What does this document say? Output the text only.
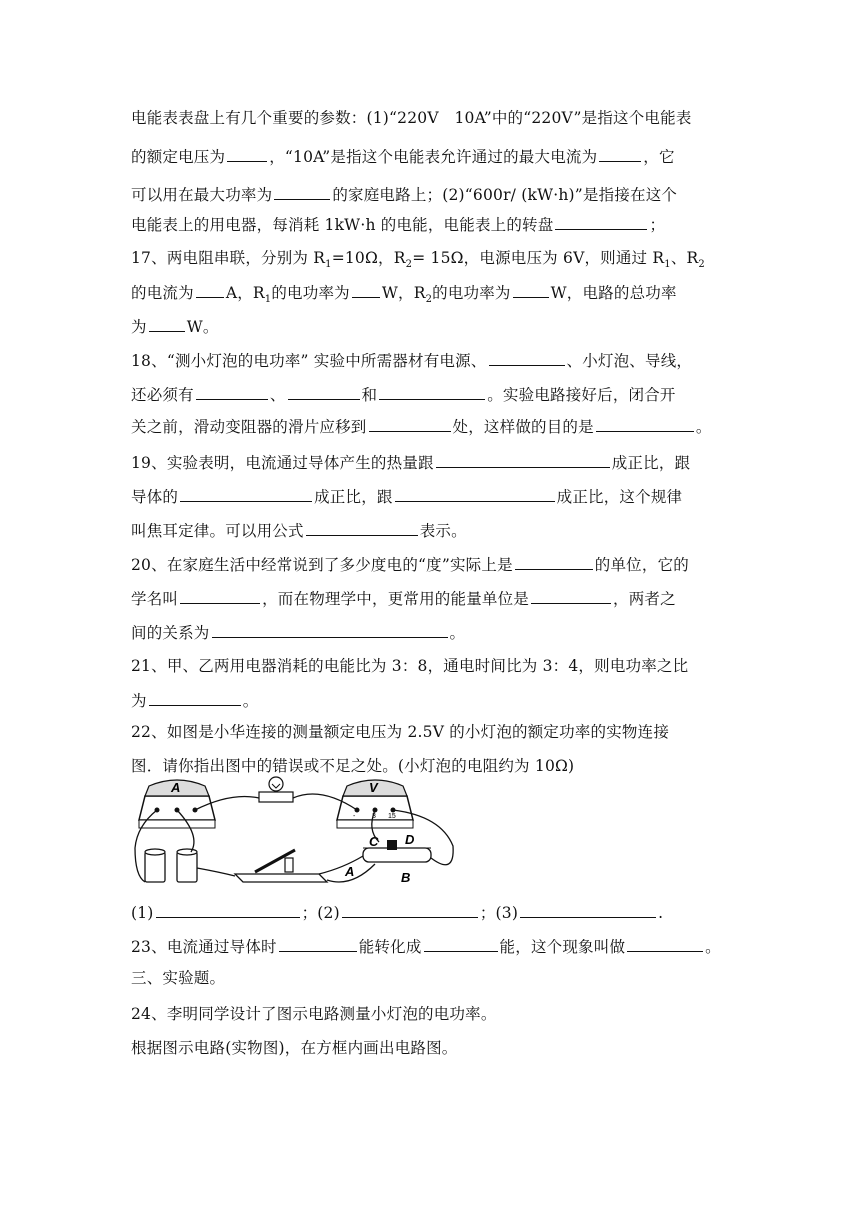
电能表表盘上有几个重要的参数：(1)“220V　10A”中的“220V”是指这个电能表
的额定电压为	，“10A”是指这个电能表允许通过的最大电流为	，它
可以用在最大功率为	的家庭电路上；(2)“600r/ (kW·h)”是指接在这个
电能表上的用电器，每消耗 1kW·h 的电能，电能表上的转盘	；
17、两电阻串联，分别为 $R_1=10\Omega$，$R_2= 15\Omega$，电源电压为 6V，则通过 $R_1$、$R_2$
的电流为 A，$R_1$的电功率为 W，$R_2$的电功率为	W，电路的总功率
为	W。
18、“测小灯泡的电功率” 实验中所需器材有电源、	、小灯泡、导线，
还必须有	、	和	。实验电路接好后，闭合开
关之前，滑动变阻器的滑片应移到	处，这样做的目的是	。
19、实验表明，电流通过导体产生的热量跟	成正比，跟
导体的	成正比，跟	成正比，这个规律
叫焦耳定律。可以用公式	表示。
20、在家庭生活中经常说到了多少度电的“度”实际上是	的单位，它的
学名叫	，而在物理学中，更常用的能量单位是	，两者之
间的关系为	。
21、甲、乙两用电器消耗的电能比为 3：8，通电时间比为 3：4，则电功率之比
为	。
22、如图是小华连接的测量额定电压为 2.5V 的小灯泡的额定功率的实物连接
图．请你指出图中的错误或不足之处。(小灯泡的电阻约为 10Ω)
A	V
- 3 15
C D
A	B
(1)	；(2)	；(3)	.
23、电流通过导体时	能转化成	能，这个现象叫做	。
三、实验题。
24、李明同学设计了图示电路测量小灯泡的电功率。
根据图示电路(实物图)，在方框内画出电路图。
